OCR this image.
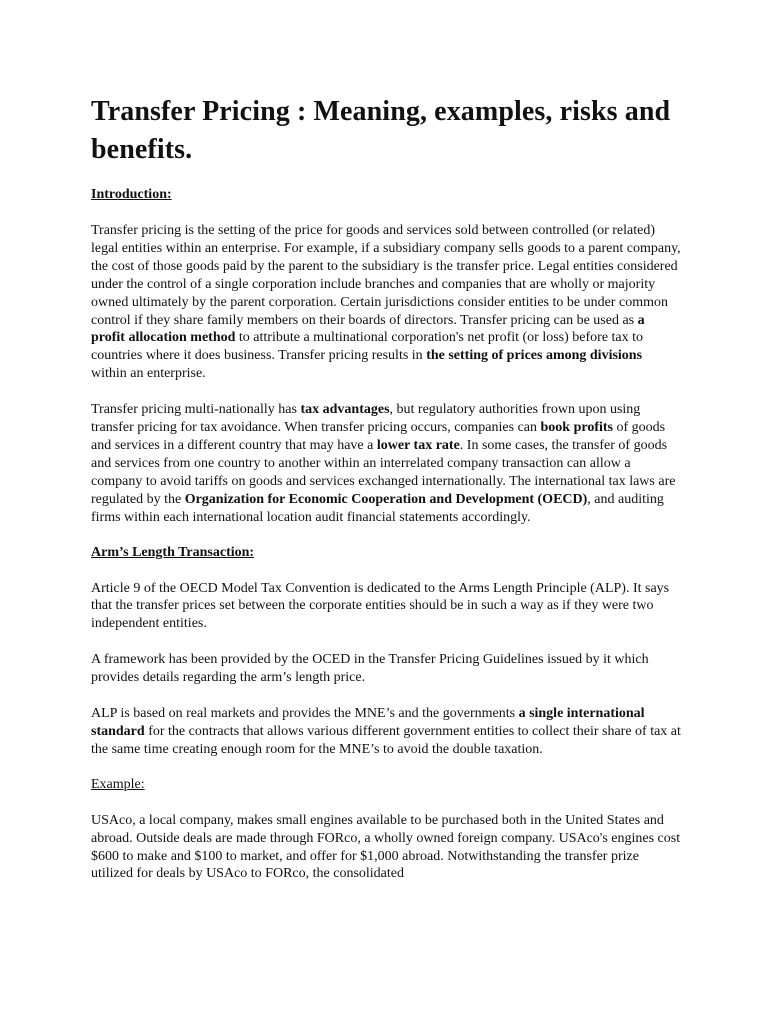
Transfer Pricing : Meaning, examples, risks and benefits.

Introduction:

Transfer pricing is the setting of the price for goods and services sold between controlled (or related) legal entities within an enterprise. For example, if a subsidiary company sells goods to a parent company, the cost of those goods paid by the parent to the subsidiary is the transfer price. Legal entities considered under the control of a single corporation include branches and companies that are wholly or majority owned ultimately by the parent corporation. Certain jurisdictions consider entities to be under common control if they share family members on their boards of directors. Transfer pricing can be used as a profit allocation method to attribute a multinational corporation's net profit (or loss) before tax to countries where it does business. Transfer pricing results in the setting of prices among divisions within an enterprise.

Transfer pricing multi-nationally has tax advantages, but regulatory authorities frown upon using transfer pricing for tax avoidance. When transfer pricing occurs, companies can book profits of goods and services in a different country that may have a lower tax rate. In some cases, the transfer of goods and services from one country to another within an interrelated company transaction can allow a company to avoid tariffs on goods and services exchanged internationally. The international tax laws are regulated by the Organization for Economic Cooperation and Development (OECD), and auditing firms within each international location audit financial statements accordingly.

Arm’s Length Transaction:

Article 9 of the OECD Model Tax Convention is dedicated to the Arms Length Principle (ALP). It says that the transfer prices set between the corporate entities should be in such a way as if they were two independent entities.

A framework has been provided by the OCED in the Transfer Pricing Guidelines issued by it which provides details regarding the arm’s length price.

ALP is based on real markets and provides the MNE’s and the governments a single international standard for the contracts that allows various different government entities to collect their share of tax at the same time creating enough room for the MNE’s to avoid the double taxation.

Example:

USAco, a local company, makes small engines available to be purchased both in the United States and abroad. Outside deals are made through FORco, a wholly owned foreign company. USAco's engines cost $600 to make and $100 to market, and offer for $1,000 abroad. Notwithstanding the transfer prize utilized for deals by USAco to FORco, the consolidated
